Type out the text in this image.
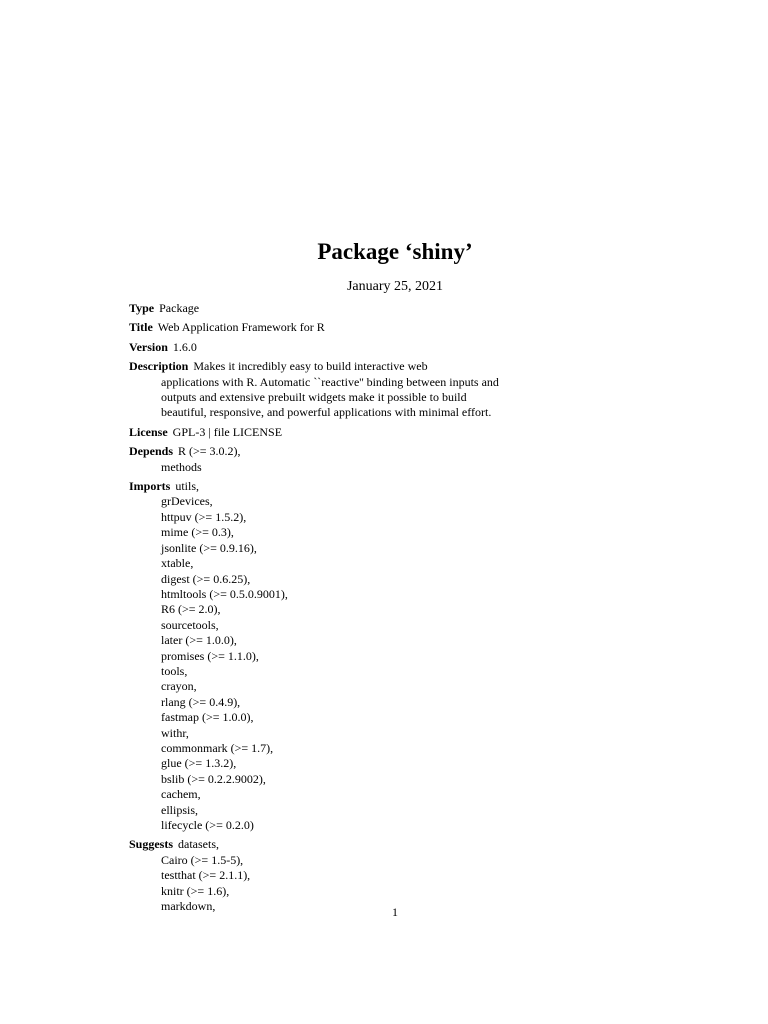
Package ‘shiny’
January 25, 2021
Type Package
Title Web Application Framework for R
Version 1.6.0
Description Makes it incredibly easy to build interactive web
applications with R. Automatic ``reactive'' binding between inputs and
outputs and extensive prebuilt widgets make it possible to build
beautiful, responsive, and powerful applications with minimal effort.
License GPL-3 | file LICENSE
Depends R (>= 3.0.2),
methods
Imports utils,
grDevices,
httpuv (>= 1.5.2),
mime (>= 0.3),
jsonlite (>= 0.9.16),
xtable,
digest (>= 0.6.25),
htmltools (>= 0.5.0.9001),
R6 (>= 2.0),
sourcetools,
later (>= 1.0.0),
promises (>= 1.1.0),
tools,
crayon,
rlang (>= 0.4.9),
fastmap (>= 1.0.0),
withr,
commonmark (>= 1.7),
glue (>= 1.3.2),
bslib (>= 0.2.2.9002),
cachem,
ellipsis,
lifecycle (>= 0.2.0)
Suggests datasets,
Cairo (>= 1.5-5),
testthat (>= 2.1.1),
knitr (>= 1.6),
markdown,	1
